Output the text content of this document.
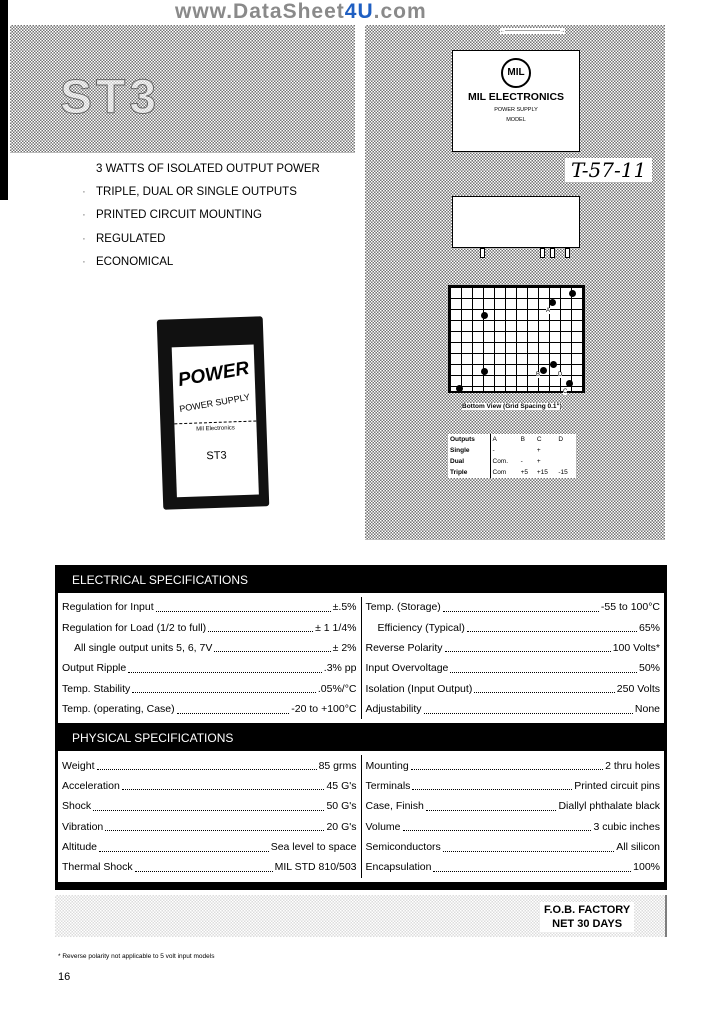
www.DataSheet4U.com
ST3
3 WATTS OF ISOLATED OUTPUT POWER
· TRIPLE, DUAL OR SINGLE OUTPUTS
· PRINTED CIRCUIT MOUNTING
· REGULATED
· ECONOMICAL
POWER
POWER SUPPLY
Mil Electronics
ST3
←———————————→
MIL
MIL ELECTRONICS
POWER SUPPLY
MODEL
T-57-11
A
B
C
D
Bottom View (Grid Spacing 0.1")
Outputs	A	B	C	D
Single	-		+	
Dual	Com.	-	+	
Triple	Com	+5	+15	-15
ELECTRICAL SPECIFICATIONS
Regulation for Input	±.5%
Regulation for Load (1/2 to full)	± 1 1/4%
All single output units 5, 6, 7V	± 2%
Output Ripple	.3% pp
Temp. Stability	.05%/°C
Temp. (operating, Case)	-20 to +100°C
Temp. (Storage)	-55 to 100°C
Efficiency (Typical)	65%
Reverse Polarity	100 Volts*
Input Overvoltage	50%
Isolation (Input Output)	250 Volts
Adjustability	None
PHYSICAL SPECIFICATIONS
Weight	85 grms
Acceleration	45 G's
Shock	50 G's
Vibration	20 G's
Altitude	Sea level to space
Thermal Shock	MIL STD 810/503
Mounting	2 thru holes
Terminals	Printed circuit pins
Case, Finish	Diallyl phthalate black
Volume	3 cubic inches
Semiconductors	All silicon
Encapsulation	100%
F.O.B. FACTORY
NET 30 DAYS
* Reverse polarity not applicable to 5 volt input models
16
